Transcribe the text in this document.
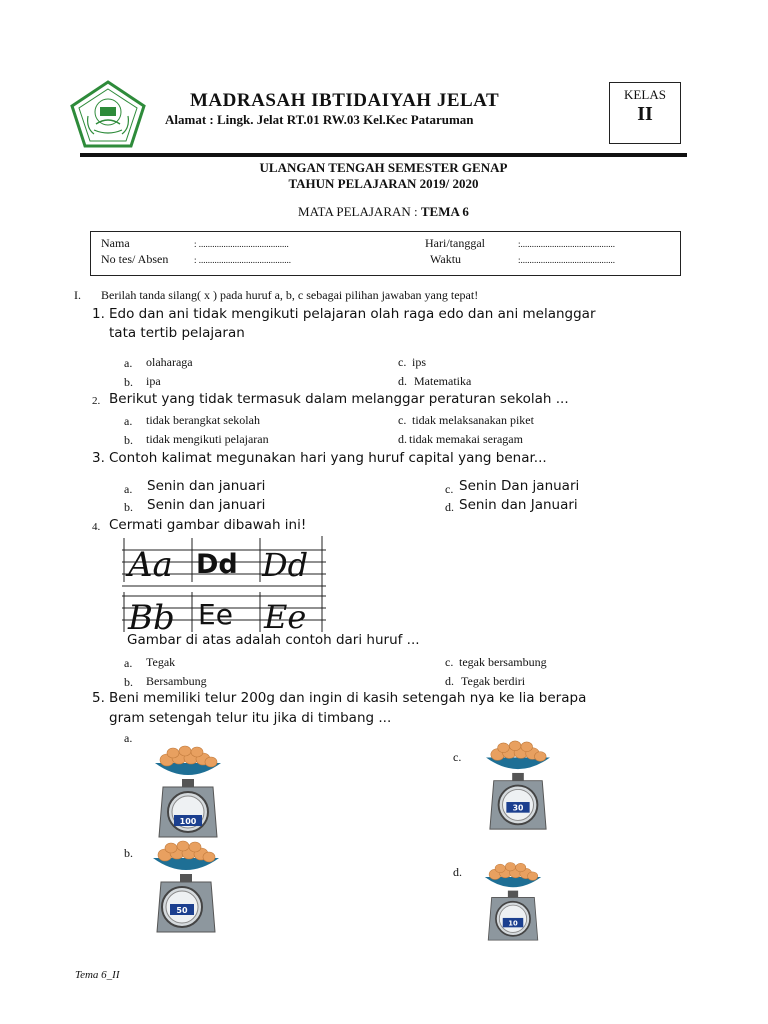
MADRASAH IBTIDAIYAH JELAT
Alamat : Lingk. Jelat RT.01 RW.03 Kel.Kec Pataruman
KELAS
II
ULANGAN TENGAH SEMESTER GENAP
TAHUN PELAJARAN 2019/ 2020
MATA PELAJARAN : TEMA 6
Nama	: ........................................
No tes/ Absen	: .........................................
Hari/tanggal	:..........................................
Waktu	:..........................................
I. Berilah tanda silang( x ) pada huruf a, b, c sebagai pilihan jawaban yang tepat!
1. Edo dan ani tidak mengikuti pelajaran olah raga edo dan ani melanggar
tata tertib pelajaran
a. olaharaga
b. ipa
c. ips
d. Matematika
2. Berikut yang tidak termasuk dalam melanggar peraturan sekolah ...
a. tidak berangkat sekolah
b. tidak mengikuti pelajaran
c. tidak melaksanakan piket
d. tidak memakai seragam
3. Contoh kalimat megunakan hari yang huruf capital yang benar...
a. Senin dan januari
b. Senin dan januari
c. Senin Dan januari
d. Senin dan Januari
4. Cermati gambar dibawah ini!
Aa Dd Dd
Bb Ee Ee
Gambar di atas adalah contoh dari huruf ...
a. Tegak
b. Bersambung
c. tegak bersambung
d. Tegak berdiri
5. Beni memiliki telur 200g dan ingin di kasih setengah nya ke lia berapa
gram setengah telur itu jika di timbang ...
a.
b.
c.
d.
100
50
30
10
Tema 6_II
